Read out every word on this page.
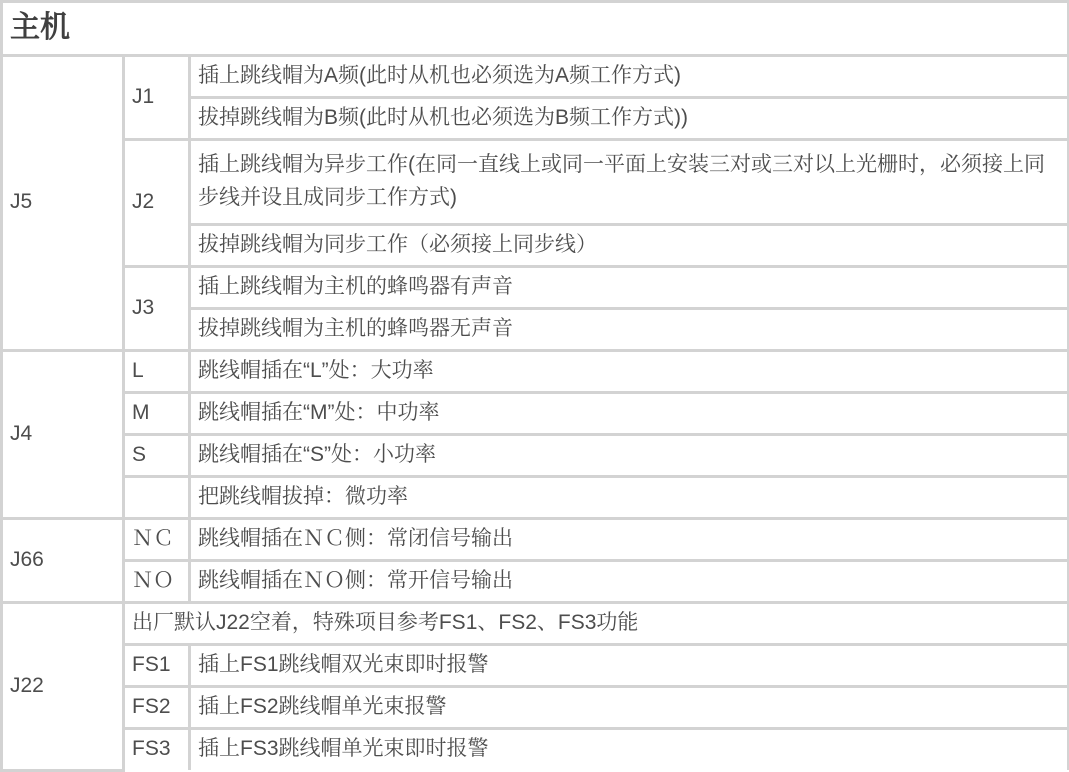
主机		
J5	J1	插上跳线帽为A频(此时从机也必须选为A频工作方式)
		拔掉跳线帽为B频(此时从机也必须选为B频工作方式))
	J2	插上跳线帽为异步工作(在同一直线上或同一平面上安装三对或三对以上光栅时，必须接上同步线并设且成同步工作方式)
		拔掉跳线帽为同步工作（必须接上同步线）
	J3	插上跳线帽为主机的蜂鸣器有声音
		拔掉跳线帽为主机的蜂鸣器无声音
J4	L	跳线帽插在“L”处：大功率
	M	跳线帽插在“M”处：中功率
	S	跳线帽插在“S”处：小功率
		把跳线帽拔掉：微功率
J66	ＮＣ	跳线帽插在ＮＣ侧：常闭信号输出
	ＮＯ	跳线帽插在ＮＯ侧：常开信号输出
J22	出厂默认J22空着，特殊项目参考FS1、FS2、FS3功能	
	FS1	插上FS1跳线帽双光束即时报警
	FS2	插上FS2跳线帽单光束报警
	FS3	插上FS3跳线帽单光束即时报警
